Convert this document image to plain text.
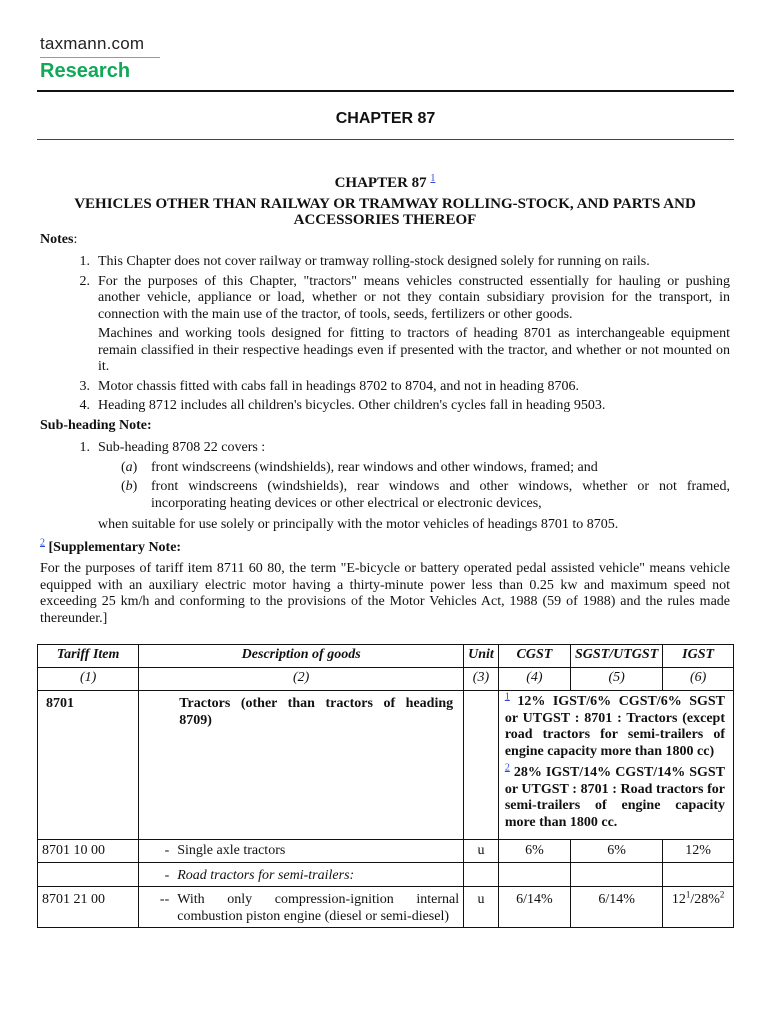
taxmann.com
Research
CHAPTER 87
CHAPTER 87 $^1$
VEHICLES OTHER THAN RAILWAY OR TRAMWAY ROLLING-STOCK, AND PARTS AND ACCESSORIES THEREOF
Notes:
1. This Chapter does not cover railway or tramway rolling-stock designed solely for running on rails.
2. For the purposes of this Chapter, "tractors" means vehicles constructed essentially for hauling or pushing another vehicle, appliance or load, whether or not they contain subsidiary provision for the transport, in connection with the main use of the tractor, of tools, seeds, fertilizers or other goods.
Machines and working tools designed for fitting to tractors of heading 8701 as interchangeable equipment remain classified in their respective headings even if presented with the tractor, and whether or not mounted on it.
3. Motor chassis fitted with cabs fall in headings 8702 to 8704, and not in heading 8706.
4. Heading 8712 includes all children's bicycles. Other children's cycles fall in heading 9503.
Sub-heading Note:
1. Sub-heading 8708 22 covers :
(a) front windscreens (windshields), rear windows and other windows, framed; and
(b) front windscreens (windshields), rear windows and other windows, whether or not framed, incorporating heating devices or other electrical or electronic devices,
when suitable for use solely or principally with the motor vehicles of headings 8701 to 8705.
$^2$ [Supplementary Note:
For the purposes of tariff item 8711 60 80, the term "E-bicycle or battery operated pedal assisted vehicle" means vehicle equipped with an auxiliary electric motor having a thirty-minute power less than 0.25 kw and maximum speed not exceeding 25 km/h and conforming to the provisions of the Motor Vehicles Act, 1988 (59 of 1988) and the rules made thereunder.]
Tariff Item	Description of goods	Unit	CGST	SGST/UTGST	IGST
(1)	(2)	(3)	(4)	(5)	(6)
8701	Tractors (other than tractors of heading 8709)		$^1$ 12% IGST/6% CGST/6% SGST or UTGST : 8701 : Tractors (except road tractors for semi-trailers of engine capacity more than 1800 cc)
$^2$ 28% IGST/14% CGST/14% SGST or UTGST : 8701 : Road tractors for semi-trailers of engine capacity more than 1800 cc.		

8701 10 00	- Single axle tractors	u	6%	6%	12%

	- Road tractors for semi-trailers:				

8701 21 00	-- With only compression-ignition internal combustion piston engine (diesel or semi-diesel)	u	6/14%	6/14%	$12^1/28\%^2$
